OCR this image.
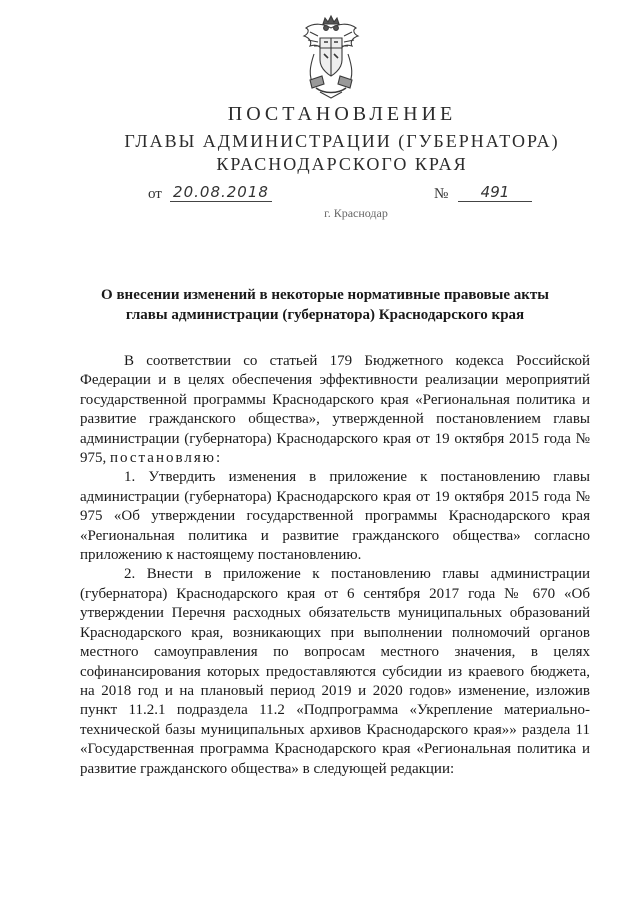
ПОСТАНОВЛЕНИЕ
ГЛАВЫ АДМИНИСТРАЦИИ (ГУБЕРНАТОРА)
КРАСНОДАРСКОГО КРАЯ
от 20.08.2018	№	491
г. Краснодар
О внесении изменений в некоторые нормативные правовые акты
главы администрации (губернатора) Краснодарского края

В соответствии со статьей 179 Бюджетного кодекса Российской Федерации и в целях обеспечения эффективности реализации мероприятий государственной программы Краснодарского края «Региональная политика и развитие гражданского общества», утвержденной постановлением главы администрации (губернатора) Краснодарского края от 19 октября 2015 года № 975, постановляю:

1. Утвердить изменения в приложение к постановлению главы администрации (губернатора) Краснодарского края от 19 октября 2015 года № 975 «Об утверждении государственной программы Краснодарского края «Региональная политика и развитие гражданского общества» согласно приложению к настоящему постановлению.

2. Внести в приложение к постановлению главы администрации (губернатора) Краснодарского края от 6 сентября 2017 года № 670 «Об утверждении Перечня расходных обязательств муниципальных образований Краснодарского края, возникающих при выполнении полномочий органов местного самоуправления по вопросам местного значения, в целях софинансирования которых предоставляются субсидии из краевого бюджета, на 2018 год и на плановый период 2019 и 2020 годов» изменение, изложив пункт 11.2.1 подраздела 11.2 «Подпрограмма «Укрепление материально-технической базы муниципальных архивов Краснодарского края»» раздела 11 «Государственная программа Краснодарского края «Региональная политика и развитие гражданского общества» в следующей редакции:
